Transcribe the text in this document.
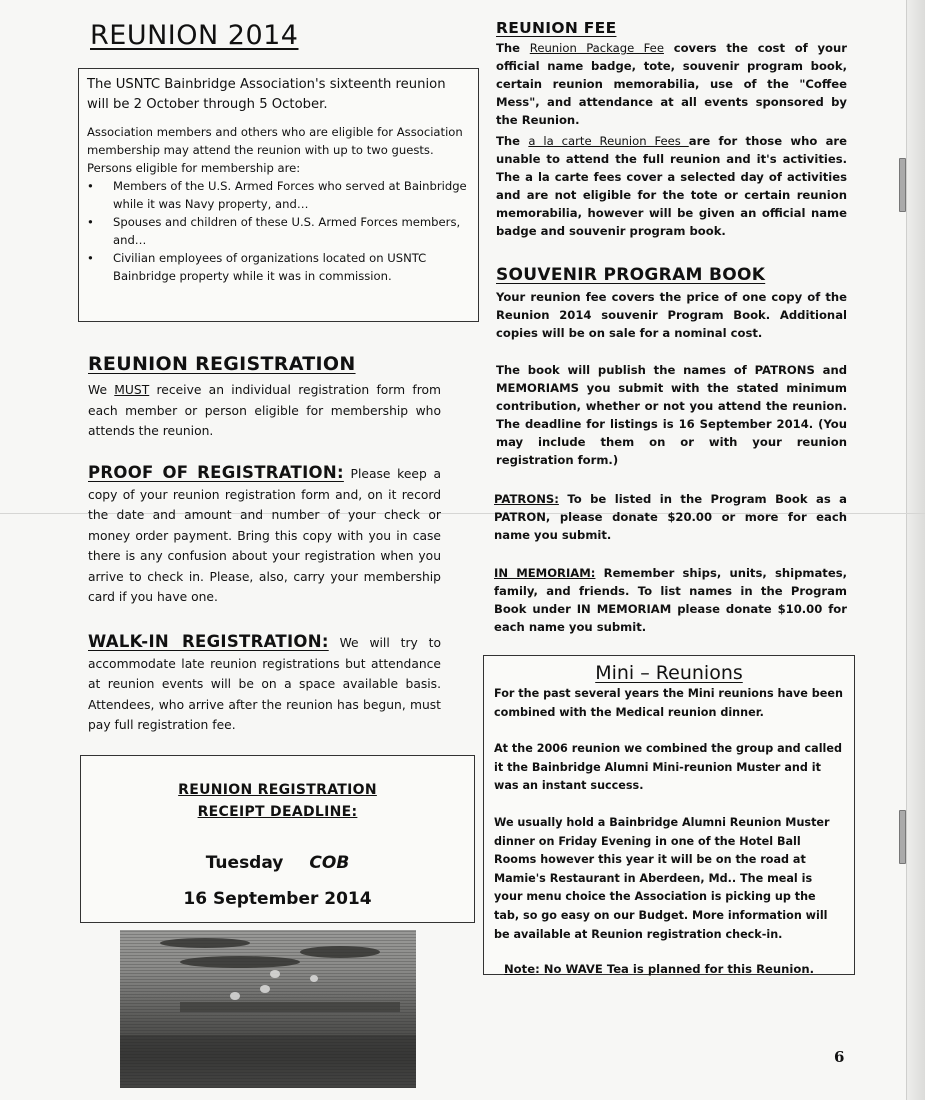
REUNION 2014

The USNTC Bainbridge Association's sixteenth reunion will be 2 October through 5 October.

Association members and others who are eligible for Association membership may attend the reunion with up to two guests. Persons eligible for membership are:

• Members of the U.S. Armed Forces who served at Bainbridge while it was Navy property, and…
• Spouses and children of these U.S. Armed Forces members, and…
• Civilian employees of organizations located on USNTC Bainbridge property while it was in commission.
REUNION REGISTRATION

We MUST receive an individual registration form from each member or person eligible for membership who attends the reunion.

PROOF OF REGISTRATION: Please keep a copy of your reunion registration form and, on it record the date and amount and number of your check or money order payment. Bring this copy with you in case there is any confusion about your registration when you arrive to check in. Please, also, carry your membership card if you have one.

WALK-IN REGISTRATION: We will try to accommodate late reunion registrations but attendance at reunion events will be on a space available basis. Attendees, who arrive after the reunion has begun, must pay full registration fee.

REUNION REGISTRATION
RECEIPT DEADLINE:
Tuesday COB
16 September 2014
REUNION FEE

The Reunion Package Fee covers the cost of your official name badge, tote, souvenir program book, certain reunion memorabilia, use of the "Coffee Mess", and attendance at all events sponsored by the Reunion.

The a la carte Reunion Fees are for those who are unable to attend the full reunion and it's activities. The a la carte fees cover a selected day of activities and are not eligible for the tote or certain reunion memorabilia, however will be given an official name badge and souvenir program book.

SOUVENIR PROGRAM BOOK

Your reunion fee covers the price of one copy of the Reunion 2014 souvenir Program Book. Additional copies will be on sale for a nominal cost.

The book will publish the names of PATRONS and MEMORIAMS you submit with the stated minimum contribution, whether or not you attend the reunion. The deadline for listings is 16 September 2014. (You may include them on or with your reunion registration form.)

PATRONS: To be listed in the Program Book as a PATRON, please donate $20.00 or more for each name you submit.

IN MEMORIAM: Remember ships, units, shipmates, family, and friends. To list names in the Program Book under IN MEMORIAM please donate $10.00 for each name you submit.

Mini – Reunions

For the past several years the Mini reunions have been combined with the Medical reunion dinner.

At the 2006 reunion we combined the group and called it the Bainbridge Alumni Mini-reunion Muster and it was an instant success.

We usually hold a Bainbridge Alumni Reunion Muster dinner on Friday Evening in one of the Hotel Ball Rooms however this year it will be on the road at Mamie's Restaurant in Aberdeen, Md.. The meal is your menu choice the Association is picking up the tab, so go easy on our Budget. More information will be available at Reunion registration check-in.

Note: No WAVE Tea is planned for this Reunion.
6
